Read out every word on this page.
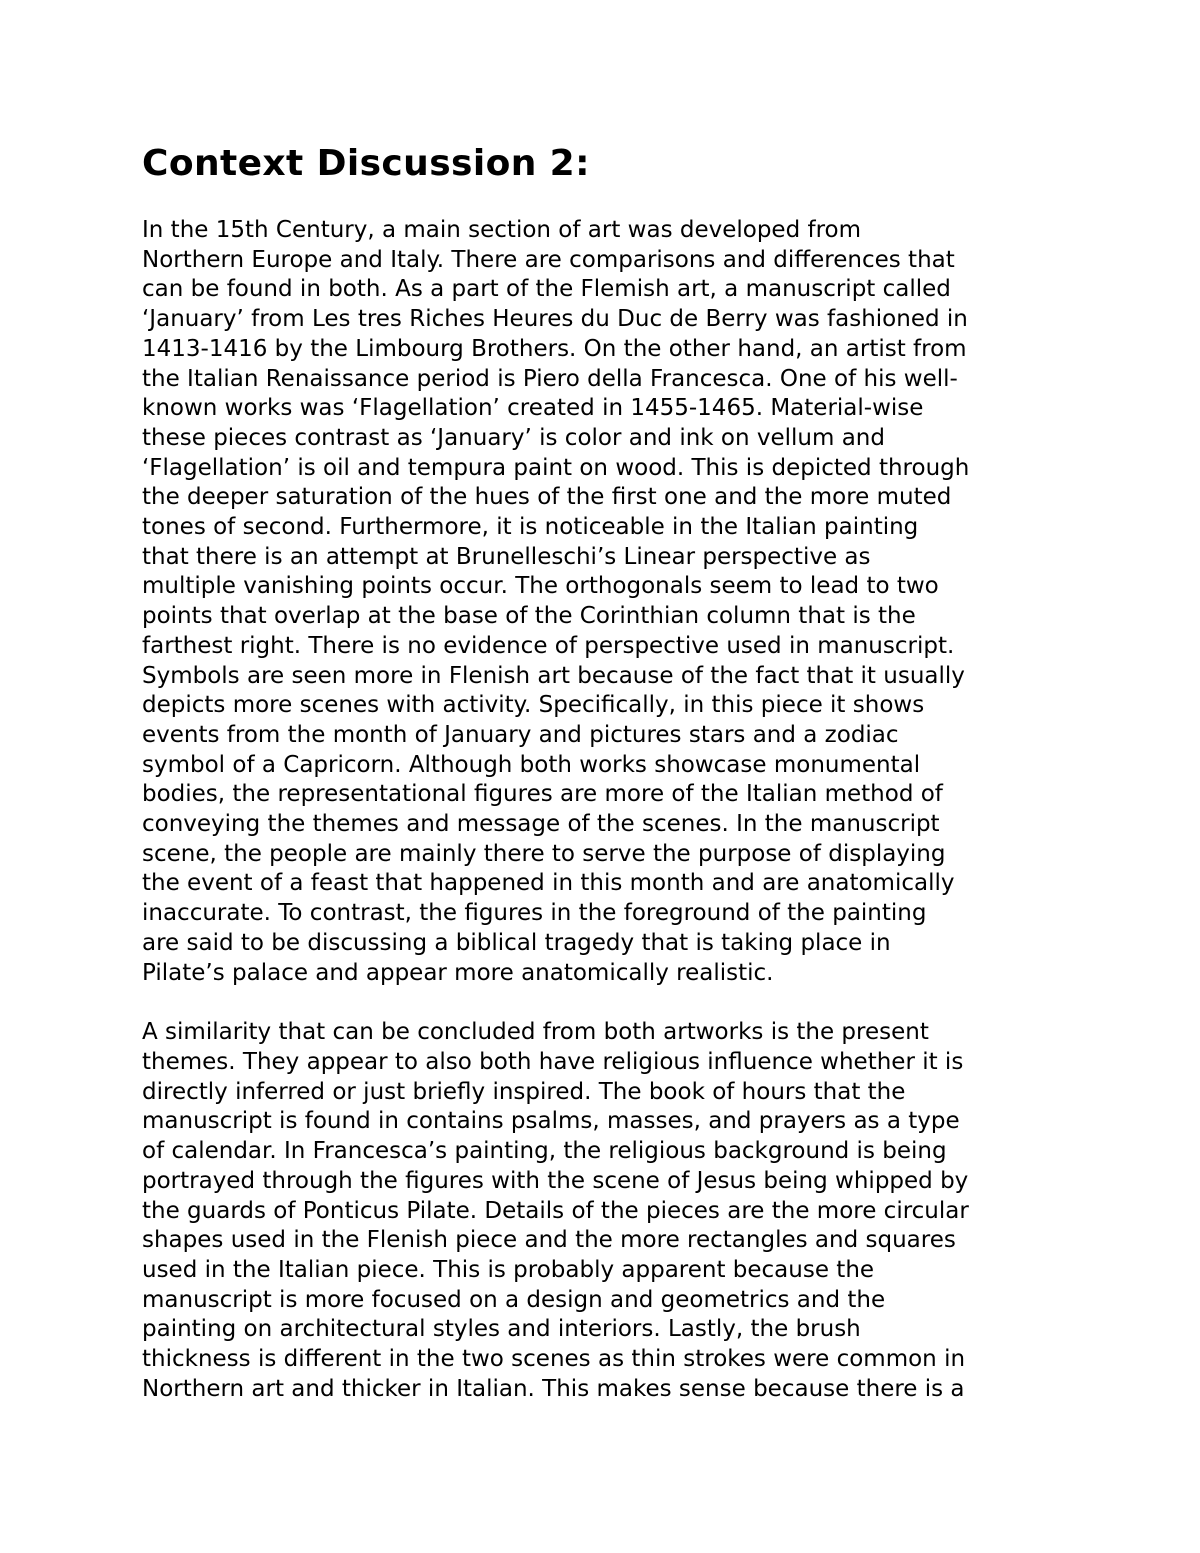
Context Discussion 2:
In the 15th Century, a main section of art was developed from
Northern Europe and Italy. There are comparisons and differences that
can be found in both. As a part of the Flemish art, a manuscript called
‘January’ from Les tres Riches Heures du Duc de Berry was fashioned in
1413-1416 by the Limbourg Brothers. On the other hand, an artist from
the Italian Renaissance period is Piero della Francesca. One of his well-
known works was ‘Flagellation’ created in 1455-1465. Material-wise
these pieces contrast as ‘January’ is color and ink on vellum and
‘Flagellation’ is oil and tempura paint on wood. This is depicted through
the deeper saturation of the hues of the first one and the more muted
tones of second. Furthermore, it is noticeable in the Italian painting
that there is an attempt at Brunelleschi’s Linear perspective as
multiple vanishing points occur. The orthogonals seem to lead to two
points that overlap at the base of the Corinthian column that is the
farthest right. There is no evidence of perspective used in manuscript.
Symbols are seen more in Flenish art because of the fact that it usually
depicts more scenes with activity. Specifically, in this piece it shows
events from the month of January and pictures stars and a zodiac
symbol of a Capricorn. Although both works showcase monumental
bodies, the representational figures are more of the Italian method of
conveying the themes and message of the scenes. In the manuscript
scene, the people are mainly there to serve the purpose of displaying
the event of a feast that happened in this month and are anatomically
inaccurate. To contrast, the figures in the foreground of the painting
are said to be discussing a biblical tragedy that is taking place in
Pilate’s palace and appear more anatomically realistic.
A similarity that can be concluded from both artworks is the present
themes. They appear to also both have religious influence whether it is
directly inferred or just briefly inspired. The book of hours that the
manuscript is found in contains psalms, masses, and prayers as a type
of calendar. In Francesca’s painting, the religious background is being
portrayed through the figures with the scene of Jesus being whipped by
the guards of Ponticus Pilate. Details of the pieces are the more circular
shapes used in the Flenish piece and the more rectangles and squares
used in the Italian piece. This is probably apparent because the
manuscript is more focused on a design and geometrics and the
painting on architectural styles and interiors. Lastly, the brush
thickness is different in the two scenes as thin strokes were common in
Northern art and thicker in Italian. This makes sense because there is a
